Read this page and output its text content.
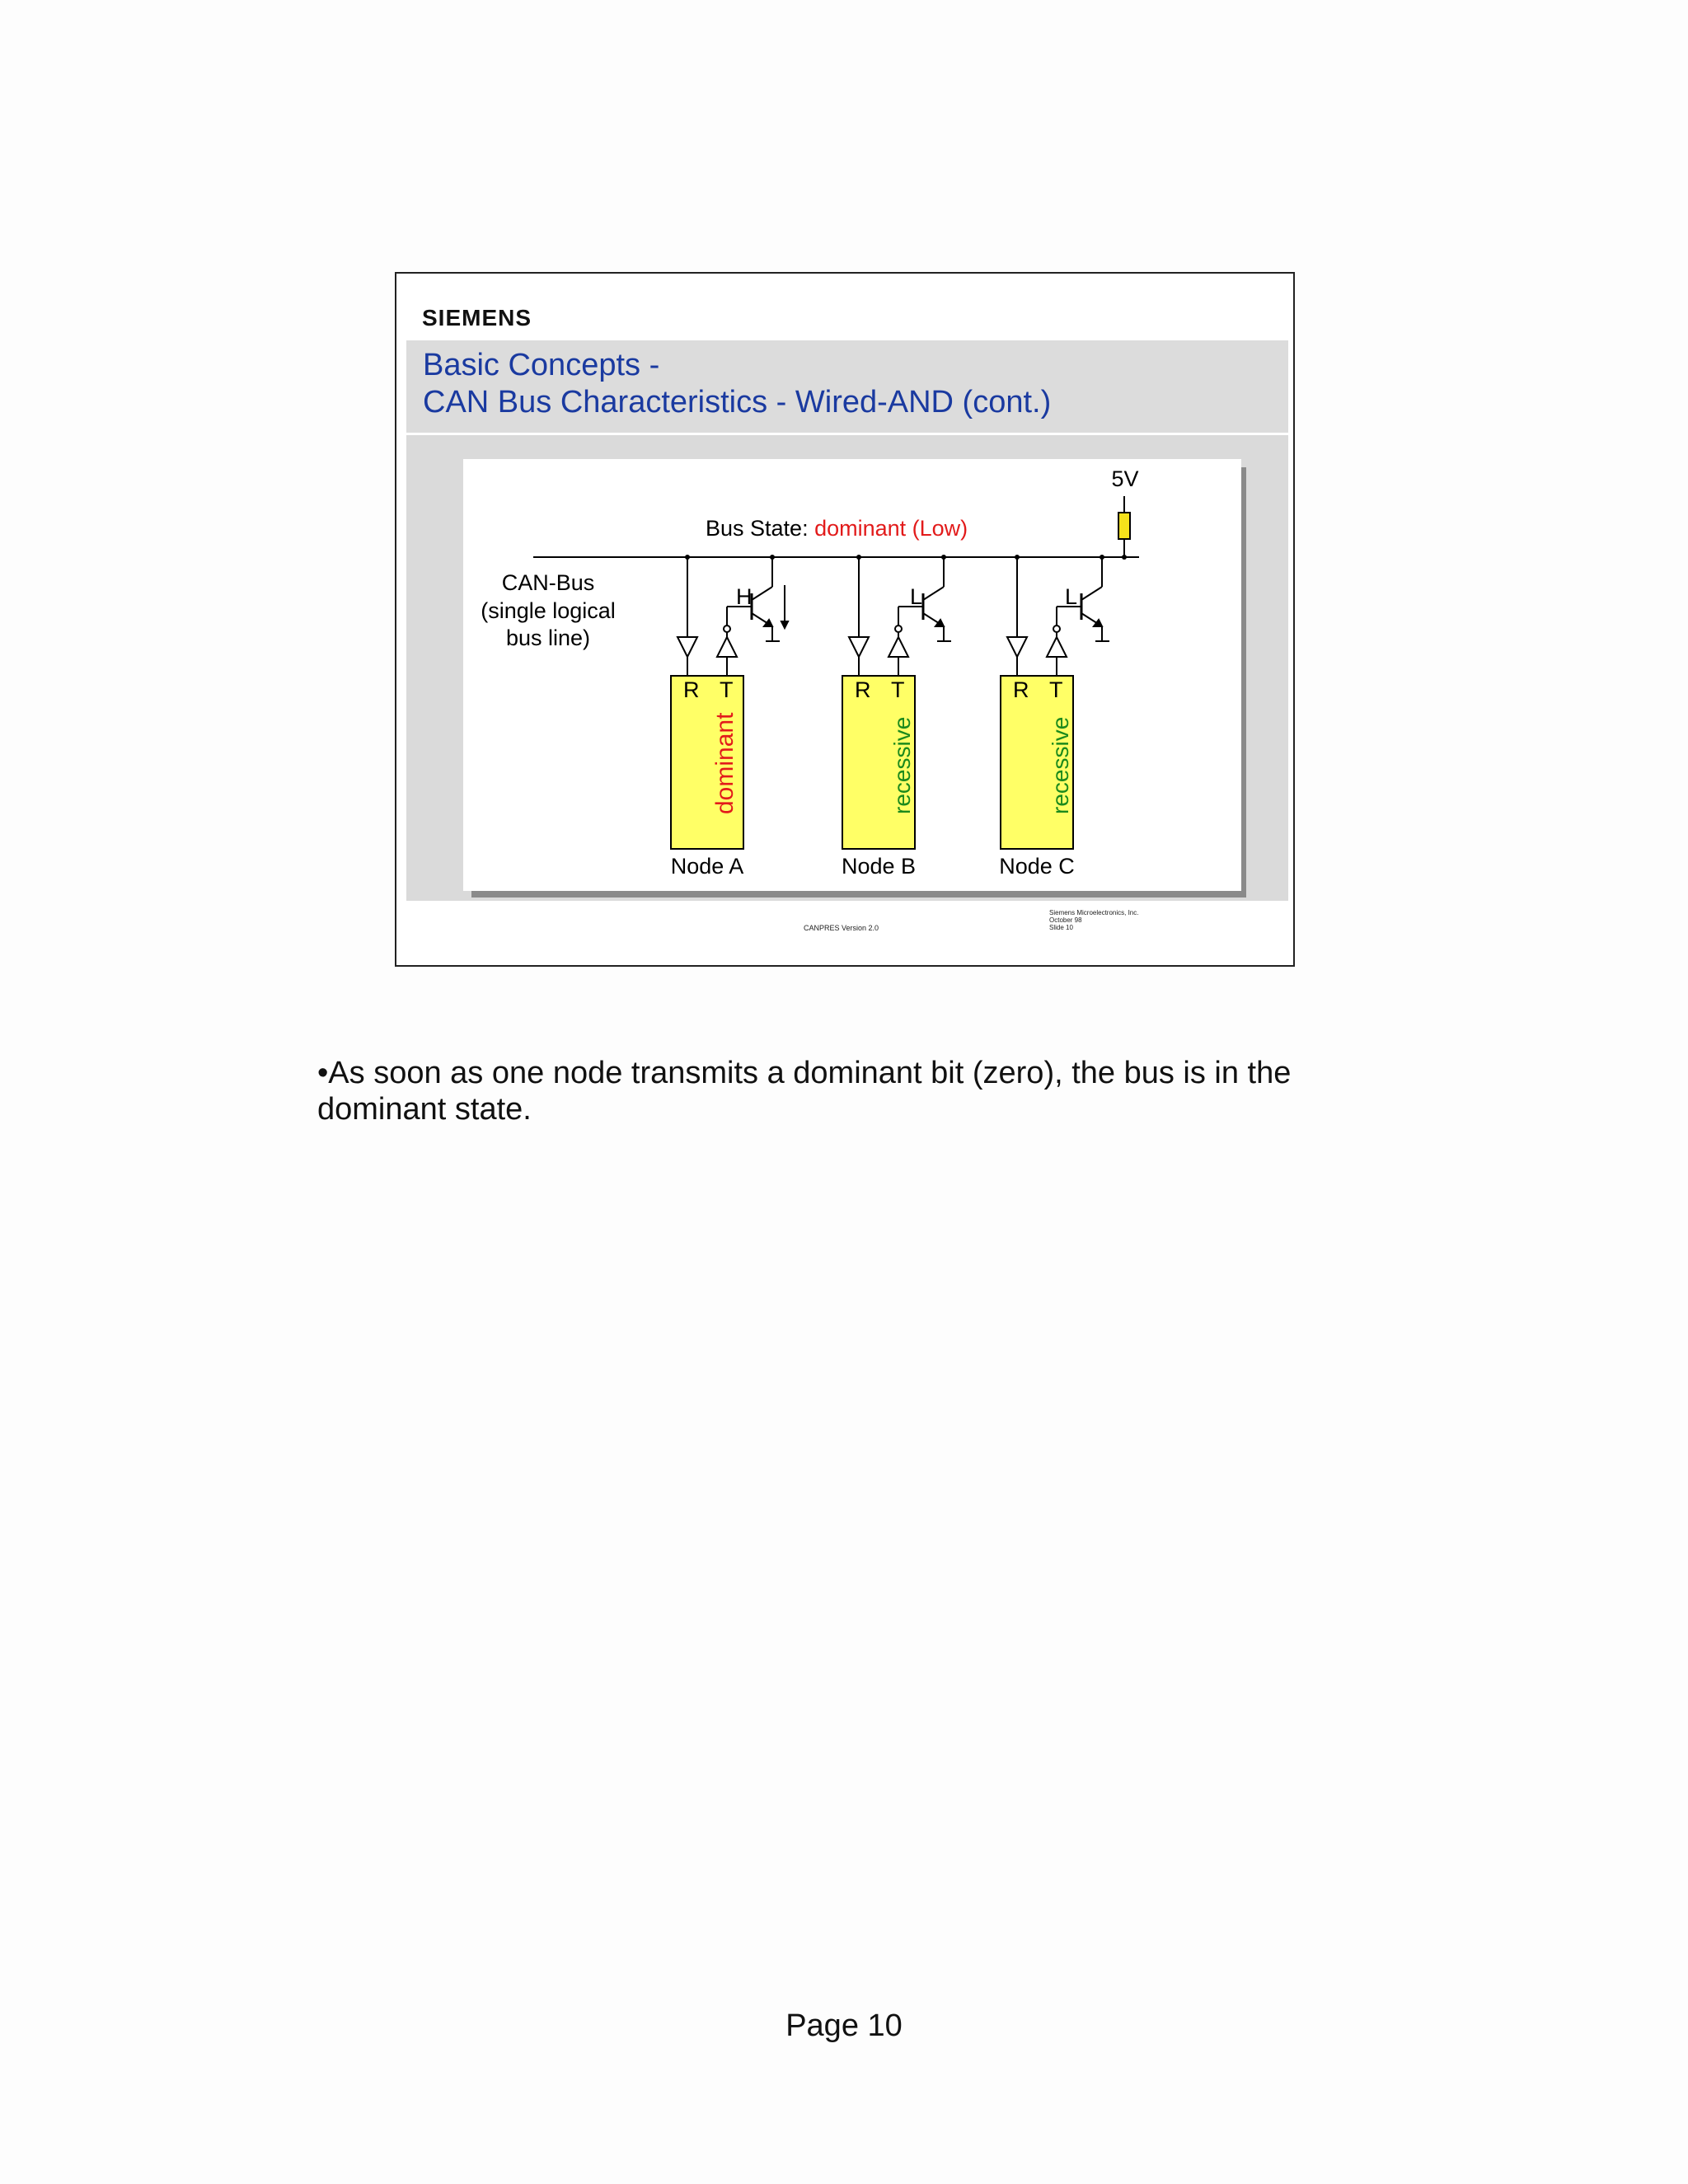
SIEMENS
Basic Concepts -
CAN Bus Characteristics - Wired-AND (cont.)
5V
Bus State: dominant (Low)
CAN-Bus
(single logical
bus line)
H
R T
dominant
Node A
L
R T
recessive
Node B
L
R T
recessive
Node C
CANPRES Version 2.0
Siemens Microelectronics, Inc.
October 98
Slide 10
•As soon as one node transmits a dominant bit (zero), the bus is in the dominant state.
Page 10
